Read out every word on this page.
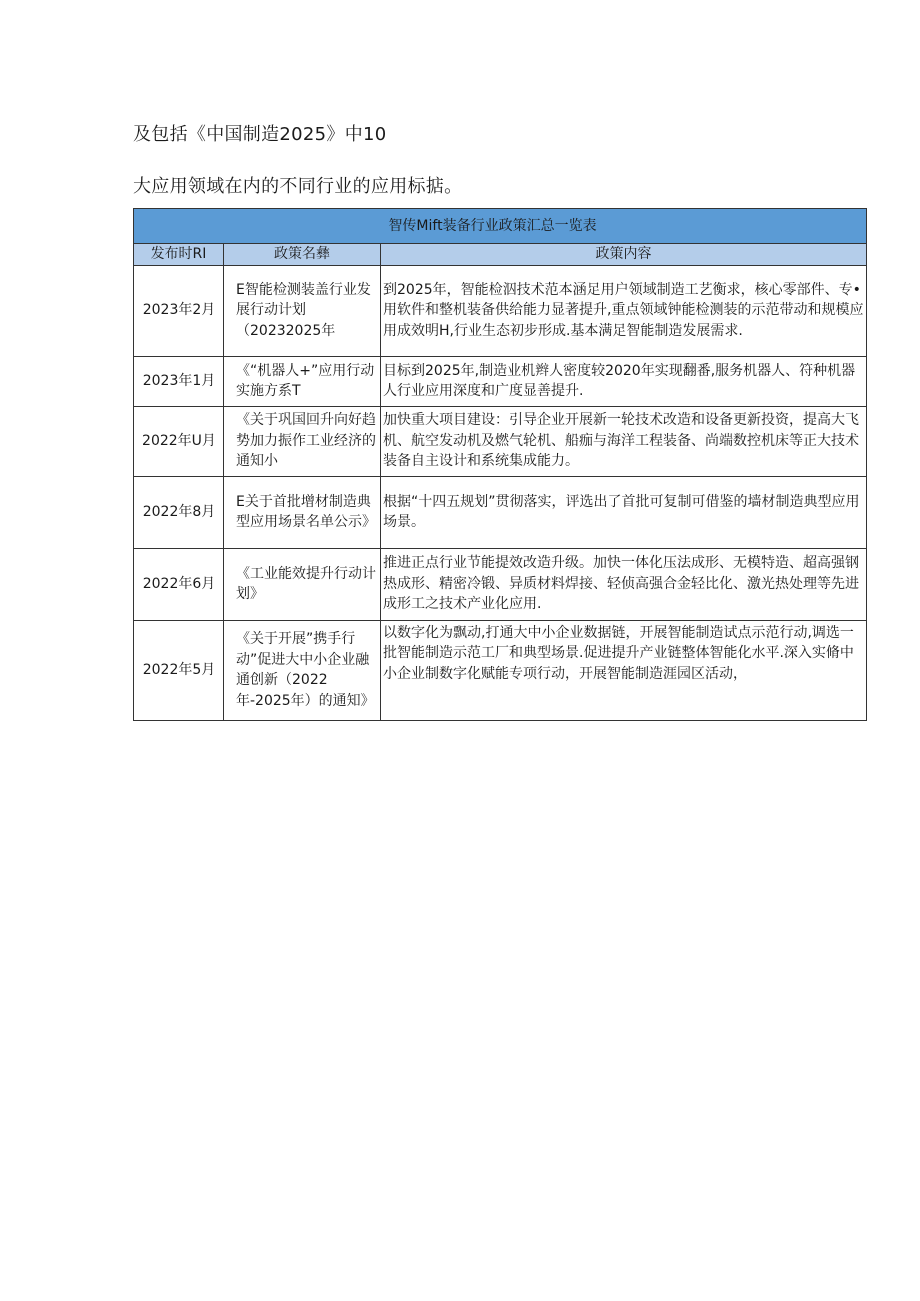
及包括《中国制造2025》中10
大应用领域在内的不同行业的应用标掂。
智传Mift装备行业政策汇总一览表		
发布时RI	政策名彝	政策内容
2023年2月	E智能检测装盖行业发展行动计划（20232025年	到2025年，智能检泅技术范本涵足用户领域制造工艺衡求，核心零部件、专•用软件和整机装备供给能力显著提升,重点领域钟能检测装的示范带动和规模应用成效明H,行业生态初步形成.基本满足智能制造发展需求.
2023年1月	《“机器人+”应用行动实施方系T	目标到2025年,制造业机辫人密度较2020年实现翻番,服务机器人、符种机器人行业应用深度和广度显善提升.
2022年U月	《关于巩国回升向好趋势加力振作工业经济的通知小	加快重大项目建设：引导企业开展新一轮技术改造和设备更新投资，提高大飞机、航空发动机及燃气轮机、船痂与海洋工程装备、尚端数控机床等正大技术装备自主设计和系统集成能力。
2022年8月	E关于首批增材制造典型应用场景名单公示》	根据“十四五规划”贯彻落实，评选出了首批可复制可借鉴的墙材制造典型应用场景。
2022年6月	《工业能效提升行动计划》	推进正点行业节能提效改造升级。加快一体化压法成形、无模特造、超高强钢热成形、精密冷锻、异质材料焊接、轻侦高强合金轻比化、激光热处理等先进成形工之技术产业化应用.
2022年5月	《关于开展”携手行动”促进大中小企业融通创新（2022年-2025年）的通知》	以数字化为飘动,打通大中小企业数据链，开展智能制造试点示范行动,调选一批智能制造示范工厂和典型场景.促进提升产业链整体智能化水平.深入实脩中小企业制数字化赋能专项行动，开展智能制造涯园区活动，
